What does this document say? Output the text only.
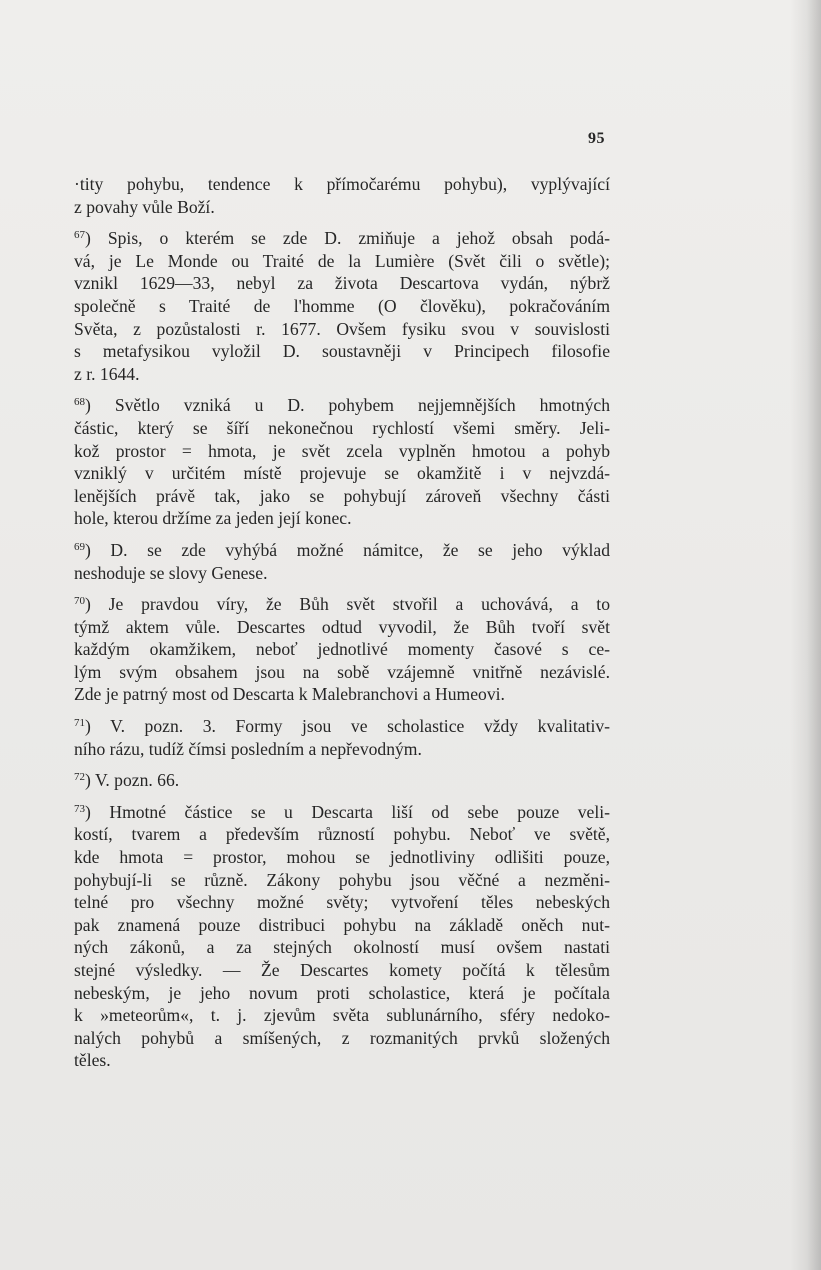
95
·tity pohybu, tendence k přímočarému pohybu), vyplývající
z povahy vůle Boží.
$^{67}$) Spis, o kterém se zde D. zmiňuje a jehož obsah podá-
vá, je Le Monde ou Traité de la Lumière (Svět čili o světle);
vznikl 1629—33, nebyl za života Descartova vydán, nýbrž
společně s Traité de l'homme (O člověku), pokračováním
Světa, z pozůstalosti r. 1677. Ovšem fysiku svou v souvislosti
s metafysikou vyložil D. soustavněji v Principech filosofie
z r. 1644.
$^{68}$) Světlo vzniká u D. pohybem nejjemnějších hmotných
částic, který se šíří nekonečnou rychlostí všemi směry. Jeli-
kož prostor = hmota, je svět zcela vyplněn hmotou a pohyb
vzniklý v určitém místě projevuje se okamžitě i v nejvzdá-
lenějších právě tak, jako se pohybují zároveň všechny části
hole, kterou držíme za jeden její konec.
$^{69}$) D. se zde vyhýbá možné námitce, že se jeho výklad
neshoduje se slovy Genese.
$^{70}$) Je pravdou víry, že Bůh svět stvořil a uchovává, a to
týmž aktem vůle. Descartes odtud vyvodil, že Bůh tvoří svět
každým okamžikem, neboť jednotlivé momenty časové s ce-
lým svým obsahem jsou na sobě vzájemně vnitřně nezávislé.
Zde je patrný most od Descarta k Malebranchovi a Humeovi.
$^{71}$) V. pozn. 3. Formy jsou ve scholastice vždy kvalitativ-
ního rázu, tudíž čímsi posledním a nepřevodným.
$^{72}$) V. pozn. 66.
$^{73}$) Hmotné částice se u Descarta liší od sebe pouze veli-
kostí, tvarem a především růzností pohybu. Neboť ve světě,
kde hmota = prostor, mohou se jednotliviny odlišiti pouze,
pohybují-li se různě. Zákony pohybu jsou věčné a nezměni-
telné pro všechny možné světy; vytvoření těles nebeských
pak znamená pouze distribuci pohybu na základě oněch nut-
ných zákonů, a za stejných okolností musí ovšem nastati
stejné výsledky. — Že Descartes komety počítá k tělesům
nebeským, je jeho novum proti scholastice, která je počítala
k »meteorům«, t. j. zjevům světa sublunárního, sféry nedoko-
nalých pohybů a smíšených, z rozmanitých prvků složených
těles.
